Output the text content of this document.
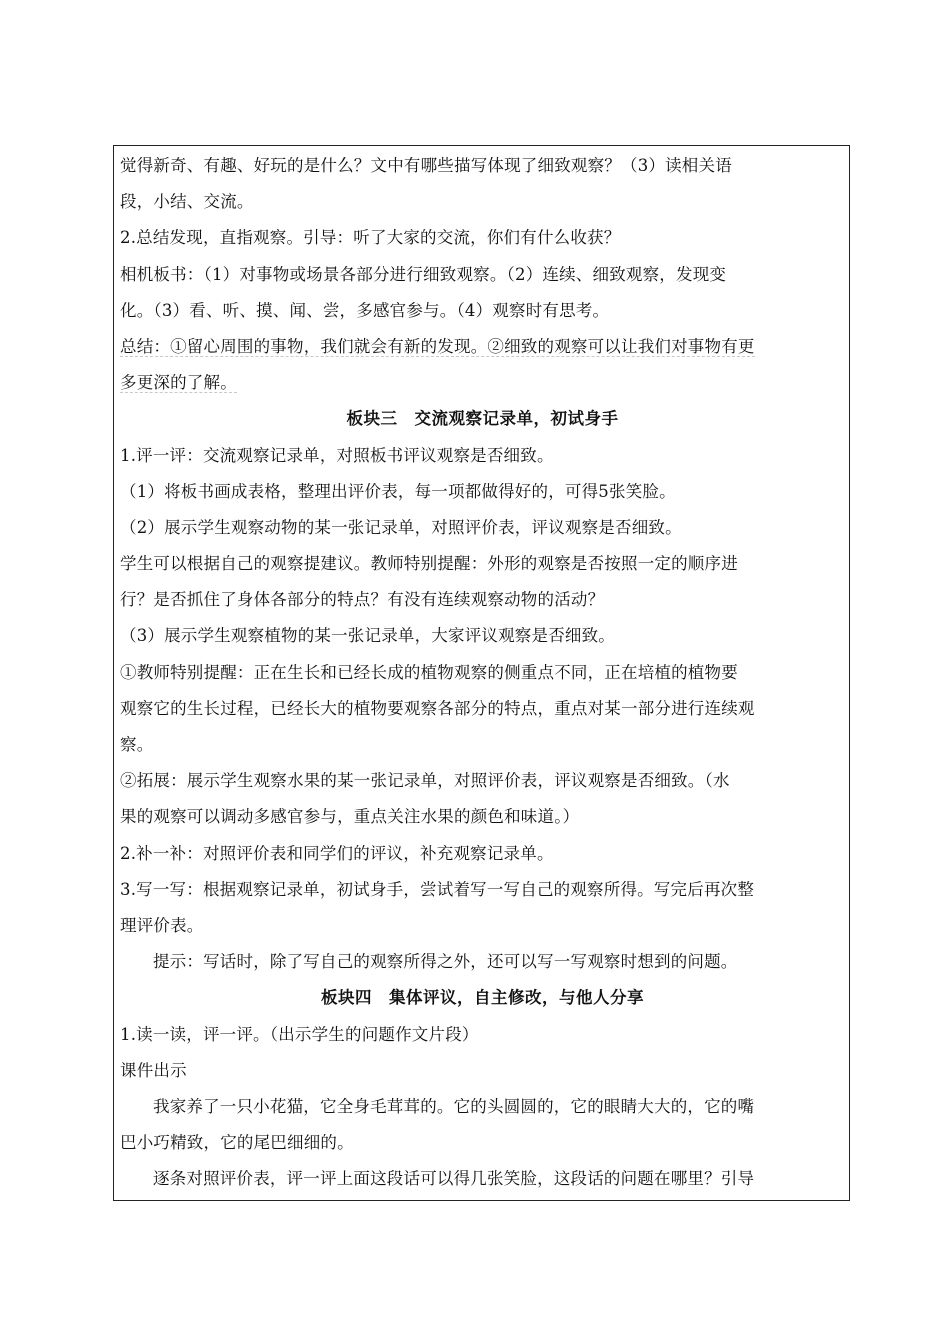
觉得新奇、有趣、好玩的是什么？文中有哪些描写体现了细致观察？（3）读相关语
段，小结、交流。
2.总结发现，直指观察。引导：听了大家的交流，你们有什么收获？
相机板书：（1）对事物或场景各部分进行细致观察。（2）连续、细致观察，发现变
化。（3）看、听、摸、闻、尝，多感官参与。（4）观察时有思考。
总结：①留心周围的事物，我们就会有新的发现。②细致的观察可以让我们对事物有更
多更深的了解。
板块三　交流观察记录单，初试身手
1.评一评：交流观察记录单，对照板书评议观察是否细致。
（1）将板书画成表格，整理出评价表，每一项都做得好的，可得5张笑脸。
（2）展示学生观察动物的某一张记录单，对照评价表，评议观察是否细致。
学生可以根据自己的观察提建议。教师特别提醒：外形的观察是否按照一定的顺序进
行？是否抓住了身体各部分的特点？有没有连续观察动物的活动？
（3）展示学生观察植物的某一张记录单，大家评议观察是否细致。
①教师特别提醒：正在生长和已经长成的植物观察的侧重点不同，正在培植的植物要
观察它的生长过程，已经长大的植物要观察各部分的特点，重点对某一部分进行连续观
察。
②拓展：展示学生观察水果的某一张记录单，对照评价表，评议观察是否细致。（水
果的观察可以调动多感官参与，重点关注水果的颜色和味道。）
2.补一补：对照评价表和同学们的评议，补充观察记录单。
3.写一写：根据观察记录单，初试身手，尝试着写一写自己的观察所得。写完后再次整
理评价表。
提示：写话时，除了写自己的观察所得之外，还可以写一写观察时想到的问题。
板块四　集体评议，自主修改，与他人分享
1.读一读，评一评。（出示学生的问题作文片段）
课件出示
我家养了一只小花猫，它全身毛茸茸的。它的头圆圆的，它的眼睛大大的，它的嘴
巴小巧精致，它的尾巴细细的。
逐条对照评价表，评一评上面这段话可以得几张笑脸，这段话的问题在哪里？引导
